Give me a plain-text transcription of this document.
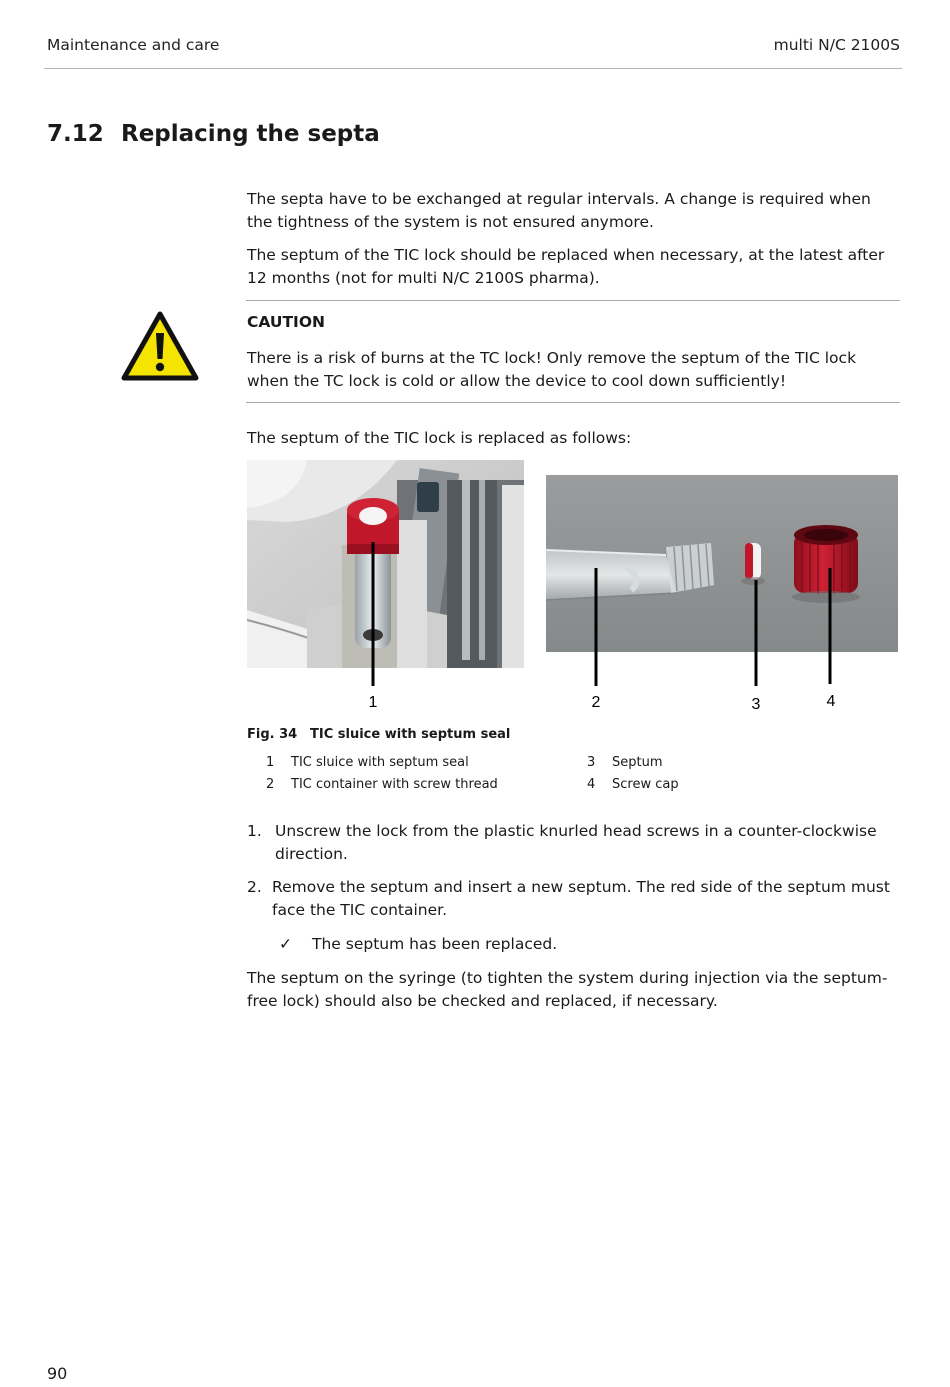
Maintenance and care	multi N/C 2100S
7.12 Replacing the septa
The septa have to be exchanged at regular intervals. A change is required when the tightness of the system is not ensured anymore.
The septum of the TIC lock should be replaced when necessary, at the latest after 12 months (not for multi N/C 2100S pharma).
CAUTION
There is a risk of burns at the TC lock! Only remove the septum of the TIC lock when the TC lock is cold or allow the device to cool down sufficiently!
The septum of the TIC lock is replaced as follows:
1	2	3	4
Fig. 34 TIC sluice with septum seal
1 TIC sluice with septum seal
2 TIC container with screw thread
3 Septum
4 Screw cap
1. Unscrew the lock from the plastic knurled head screws in a counter-clockwise direction.
2. Remove the septum and insert a new septum. The red side of the septum must face the TIC container.
✓ The septum has been replaced.
The septum on the syringe (to tighten the system during injection via the septum-free lock) should also be checked and replaced, if necessary.
90
